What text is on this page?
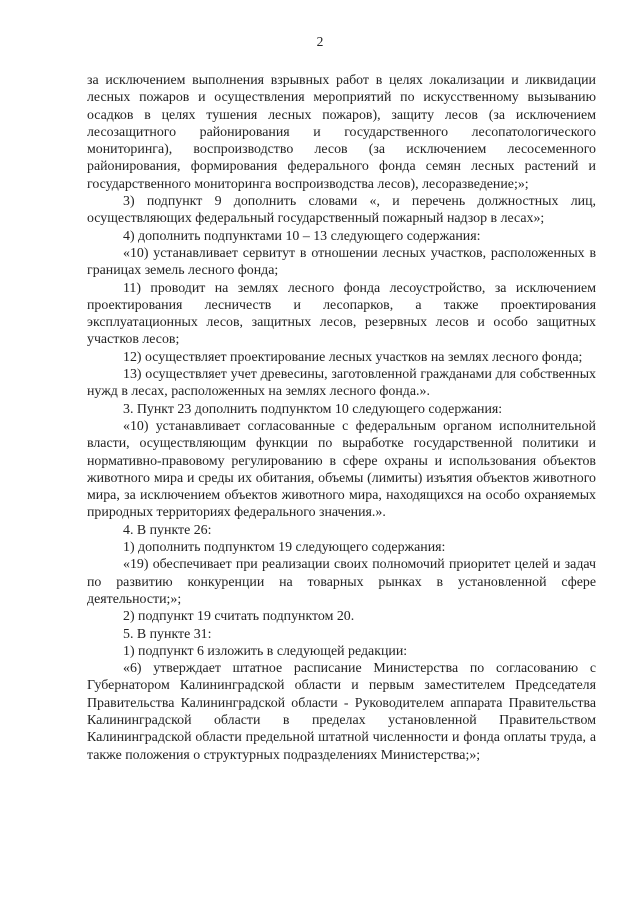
2

за исключением выполнения взрывных работ в целях локализации и ликвидации лесных пожаров и осуществления мероприятий по искусственному вызыванию осадков в целях тушения лесных пожаров), защиту лесов (за исключением лесозащитного районирования и государственного лесопатологического мониторинга), воспроизводство лесов (за исключением лесосеменного районирования, формирования федерального фонда семян лесных растений и государственного мониторинга воспроизводства лесов), лесоразведение;»;

3) подпункт 9 дополнить словами «, и перечень должностных лиц, осуществляющих федеральный государственный пожарный надзор в лесах»;

4) дополнить подпунктами 10 – 13 следующего содержания:

«10) устанавливает сервитут в отношении лесных участков, расположенных в границах земель лесного фонда;

11) проводит на землях лесного фонда лесоустройство, за исключением проектирования лесничеств и лесопарков, а также проектирования эксплуатационных лесов, защитных лесов, резервных лесов и особо защитных участков лесов;

12) осуществляет проектирование лесных участков на землях лесного фонда;

13) осуществляет учет древесины, заготовленной гражданами для собственных нужд в лесах, расположенных на землях лесного фонда.».

3. Пункт 23 дополнить подпунктом 10 следующего содержания:

«10) устанавливает согласованные с федеральным органом исполнительной власти, осуществляющим функции по выработке государственной политики и нормативно-правовому регулированию в сфере охраны и использования объектов животного мира и среды их обитания, объемы (лимиты) изъятия объектов животного мира, за исключением объектов животного мира, находящихся на особо охраняемых природных территориях федерального значения.».

4. В пункте 26:

1) дополнить подпунктом 19 следующего содержания:

«19) обеспечивает при реализации своих полномочий приоритет целей и задач по развитию конкуренции на товарных рынках в установленной сфере деятельности;»;

2) подпункт 19 считать подпунктом 20.

5. В пункте 31:

1) подпункт 6 изложить в следующей редакции:

«6) утверждает штатное расписание Министерства по согласованию с Губернатором Калининградской области и первым заместителем Председателя Правительства Калининградской области - Руководителем аппарата Правительства Калининградской области в пределах установленной Правительством Калининградской области предельной штатной численности и фонда оплаты труда, а также положения о структурных подразделениях Министерства;»;
